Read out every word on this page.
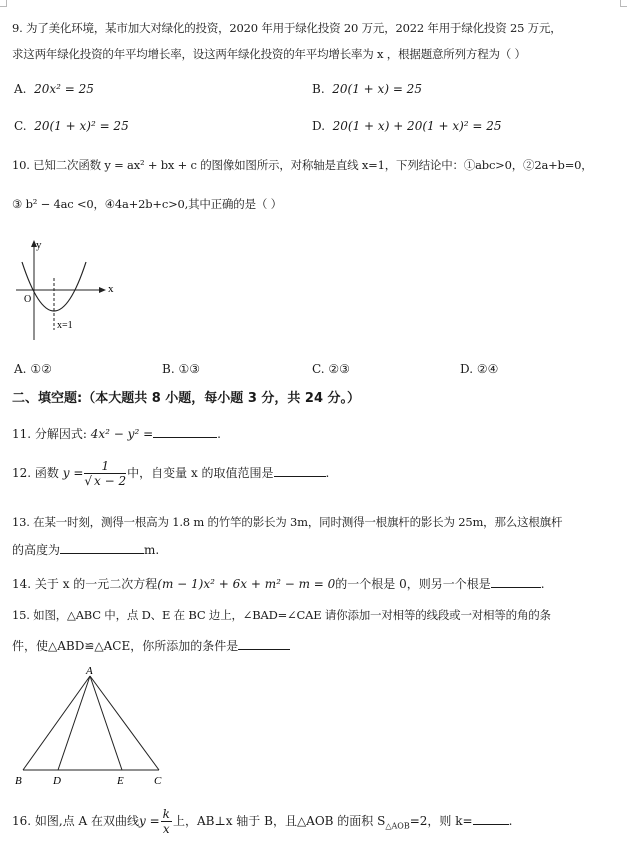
9. 为了美化环境，某市加大对绿化的投资，2020 年用于绿化投资 20 万元，2022 年用于绿化投资 25 万元，
求这两年绿化投资的年平均增长率，设这两年绿化投资的年平均增长率为 x ，根据题意所列方程为（ ）
A. 20x² = 25	B. 20(1 + x) = 25
C. 20(1 + x)² = 25	D. 20(1 + x) + 20(1 + x)² = 25
10. 已知二次函数 y = ax² + bx + c 的图像如图所示，对称轴是直线 x=1，下列结论中：①abc>0，②2a+b=0，
③ b² − 4ac <0，④4a+2b+c>0,其中正确的是（ ）
y
x
O
x=1
A. ①②	B. ①③	C. ②③	D. ②④
二、填空题:（本大题共 8 小题，每小题 3 分，共 24 分。）
11. 分解因式: 4x² − y² =	.
12. 函数 $y = \frac{1}{√ x - 2}$ 中，自变量 x 的取值范围是	.
13. 在某一时刻，测得一根高为 1.8 m 的竹竿的影长为 3m，同时测得一根旗杆的影长为 25m，那么这根旗杆
的高度为	m.
14. 关于 x 的一元二次方程(m − 1)x² + 6x + m² − m = 0的一个根是 0，则另一个根是	.
15. 如图，△ABC 中，点 D、E 在 BC 边上，∠BAD=∠CAE 请你添加一对相等的线段或一对相等的角的条
件，使△ABD≌△ACE，你所添加的条件是
A
B	D	E	C
16. 如图,点 A 在双曲线$y = \frac{k}{x}$ 上，AB⊥x 轴于 B，且△AOB 的面积 $S_{\triangle AOB}=2$，则 k=	.
